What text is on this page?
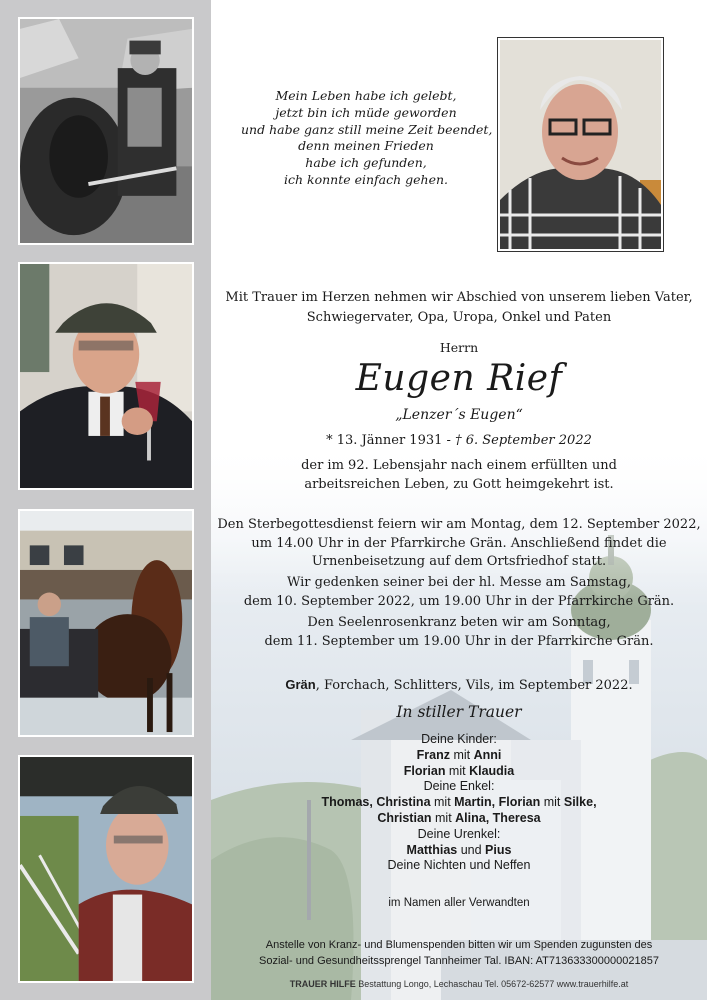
Mein Leben habe ich gelebt,
jetzt bin ich müde geworden
und habe ganz still meine Zeit beendet,
denn meinen Frieden
habe ich gefunden,
ich konnte einfach gehen.
Mit Trauer im Herzen nehmen wir Abschied von unserem lieben Vater,
Schwiegervater, Opa, Uropa, Onkel und Paten
Herrn
Eugen Rief
„Lenzer´s Eugen“
* 13. Jänner 1931 - † 6. September 2022
der im 92. Lebensjahr nach einem erfüllten und
arbeitsreichen Leben, zu Gott heimgekehrt ist.
Den Sterbegottesdienst feiern wir am Montag, dem 12. September 2022,
um 14.00 Uhr in der Pfarrkirche Grän. Anschließend findet die
Urnenbeisetzung auf dem Ortsfriedhof statt.
Wir gedenken seiner bei der hl. Messe am Samstag,
dem 10. September 2022, um 19.00 Uhr in der Pfarrkirche Grän.
Den Seelenrosenkranz beten wir am Sonntag,
dem 11. September um 19.00 Uhr in der Pfarrkirche Grän.
Grän, Forchach, Schlitters, Vils, im September 2022.
In stiller Trauer
Deine Kinder:
Franz mit Anni
Florian mit Klaudia
Deine Enkel:
Thomas, Christina mit Martin, Florian mit Silke,
Christian mit Alina, Theresa
Deine Urenkel:
Matthias und Pius
Deine Nichten und Neffen
im Namen aller Verwandten
Anstelle von Kranz- und Blumenspenden bitten wir um Spenden zugunsten des
Sozial- und Gesundheitssprengel Tannheimer Tal. IBAN: AT713633300000021857
TRAUER HILFE Bestattung Longo, Lechaschau Tel. 05672-62577 www.trauerhilfe.at
